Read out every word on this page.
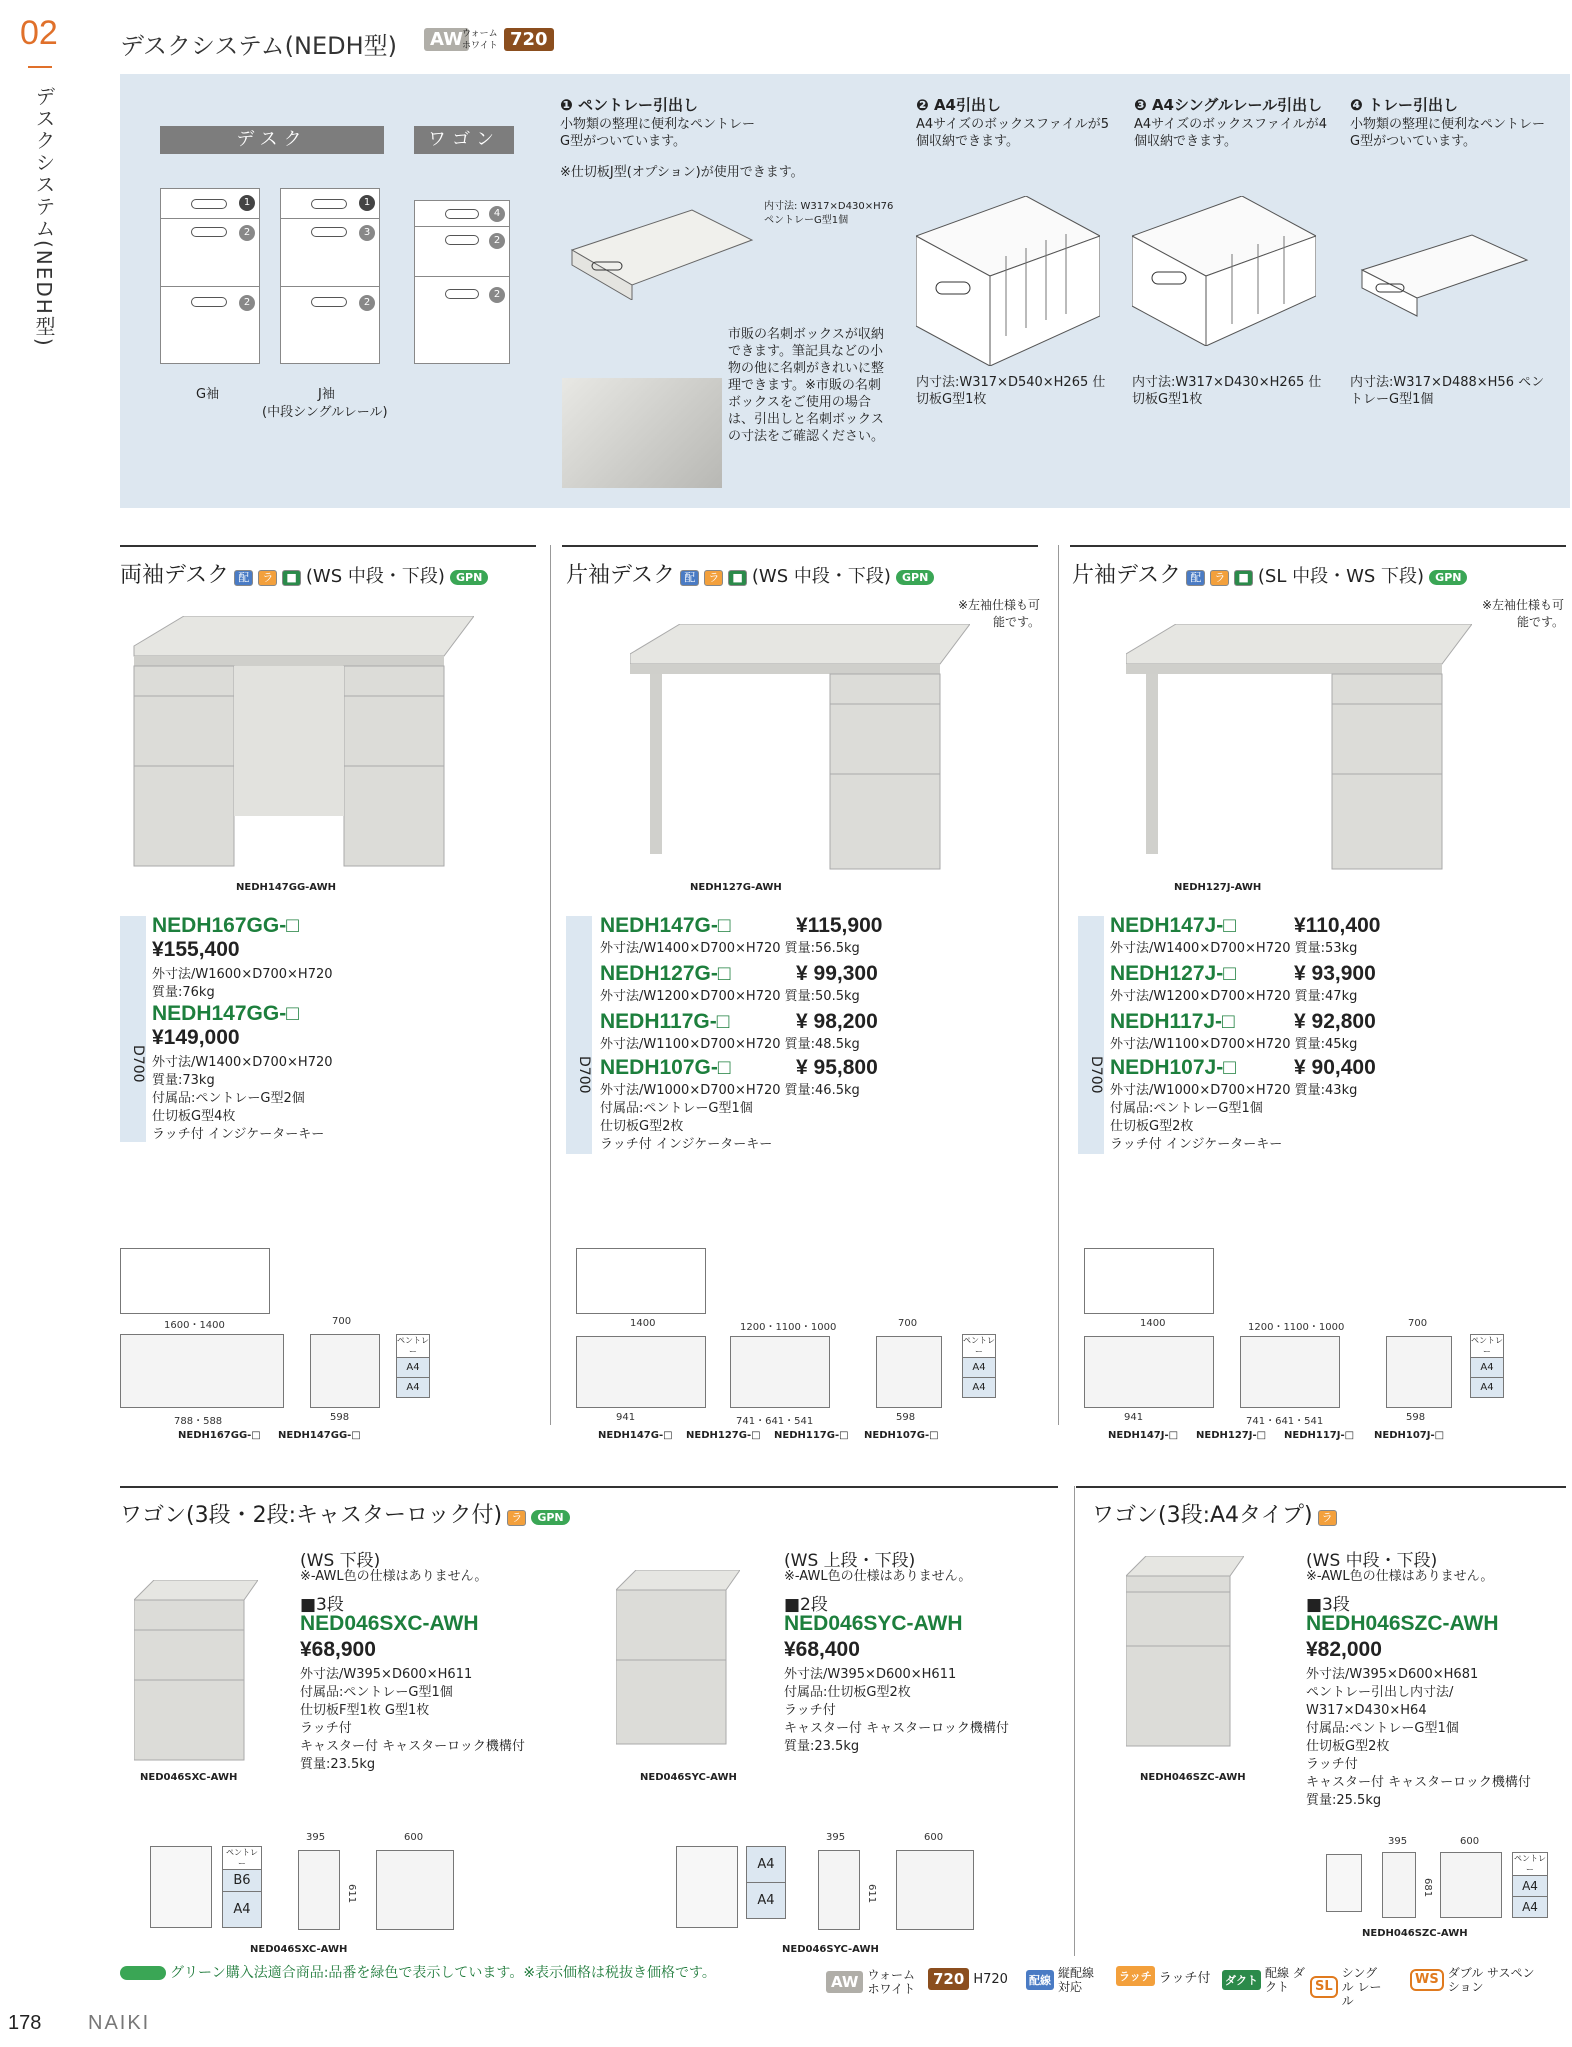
02
デスクシステム(NEDH型)
デスクシステム(NEDH型)	AW ウォーム ホワイト 720
デスク	ワゴン
1
2
2
1
3
2
4
2
2
G袖	J袖
(中段シングルレール)
❶ ペントレー引出し
小物類の整理に便利なペントレーG型がついています。
※仕切板J型(オプション)が使用できます。
内寸法: W317×D430×H76 ペントレーG型1個
市販の名刺ボックスが収納できます。筆記具などの小物の他に名刺がきれいに整理できます。※市販の名刺ボックスをご使用の場合は、引出しと名刺ボックスの寸法をご確認ください。
❷ A4引出し
A4サイズのボックスファイルが5個収納できます。
内寸法:W317×D540×H265 仕切板G型1枚
❸ A4シングルレール引出し
A4サイズのボックスファイルが4個収納できます。
内寸法:W317×D430×H265 仕切板G型1枚
❹ トレー引出し
小物類の整理に便利なペントレーG型がついています。
内寸法:W317×D488×H56 ペントレーG型1個
両袖デスク 配 ラ ■ (WS 中段・下段) GPN
NEDH147GG-AWH
D700
NEDH167GG-□
¥155,400
外寸法/W1600×D700×H720
質量:76kg
NEDH147GG-□
¥149,000
外寸法/W1400×D700×H720
質量:73kg
付属品:ペントレーG型2個
仕切板G型4枚
ラッチ付 インジケーターキー
1600・1400
788・588
700
598
ペントレー
A4
A4
NEDH167GG-□ NEDH147GG-□
片袖デスク 配 ラ ■ (WS 中段・下段) GPN
※左袖仕様も可能です。
NEDH127G-AWH
D700
NEDH147G-□	¥115,900
外寸法/W1400×D700×H720 質量:56.5kg
NEDH127G-□	¥ 99,300
外寸法/W1200×D700×H720 質量:50.5kg
NEDH117G-□	¥ 98,200
外寸法/W1100×D700×H720 質量:48.5kg
NEDH107G-□	¥ 95,800
外寸法/W1000×D700×H720 質量:46.5kg
付属品:ペントレーG型1個
仕切板G型2枚
ラッチ付 インジケーターキー
1400	1200・1100・1000
941	741・641・541
700
598
ペントレー
A4
A4
NEDH147G-□ NEDH127G-□ NEDH117G-□ NEDH107G-□
片袖デスク 配 ラ ■ (SL 中段・WS 下段) GPN
※左袖仕様も可能です。
NEDH127J-AWH
D700
NEDH147J-□	¥110,400
外寸法/W1400×D700×H720 質量:53kg
NEDH127J-□	¥ 93,900
外寸法/W1200×D700×H720 質量:47kg
NEDH117J-□	¥ 92,800
外寸法/W1100×D700×H720 質量:45kg
NEDH107J-□	¥ 90,400
外寸法/W1000×D700×H720 質量:43kg
付属品:ペントレーG型1個
仕切板G型2枚
ラッチ付 インジケーターキー
1400	1200・1100・1000
941	741・641・541
700
598
ペントレー
A4
A4
NEDH147J-□ NEDH127J-□ NEDH117J-□ NEDH107J-□
ワゴン(3段・2段:キャスターロック付) ラ GPN	ワゴン(3段:A4タイプ) ラ
NED046SXC-AWH
(WS 下段)
※-AWL色の仕様はありません。
■3段
NED046SXC-AWH
¥68,900
外寸法/W395×D600×H611
付属品:ペントレーG型1個
仕切板F型1枚 G型1枚
ラッチ付
キャスター付 キャスターロック機構付
質量:23.5kg
ペントレー
B6
A4
395	600
611
NED046SXC-AWH
NED046SYC-AWH
(WS 上段・下段)
※-AWL色の仕様はありません。
■2段
NED046SYC-AWH
¥68,400
外寸法/W395×D600×H611
付属品:仕切板G型2枚
ラッチ付
キャスター付 キャスターロック機構付
質量:23.5kg
A4
A4
395	600
611
NED046SYC-AWH
NEDH046SZC-AWH
(WS 中段・下段)
※-AWL色の仕様はありません。
■3段
NEDH046SZC-AWH
¥82,000
外寸法/W395×D600×H681
ペントレー引出し内寸法/
W317×D430×H64
付属品:ペントレーG型1個
仕切板G型2枚
ラッチ付
キャスター付 キャスターロック機構付
質量:25.5kg
395	600
681
ペントレー
A4
A4
NEDH046SZC-AWH
グリーン購入法適合商品:品番を緑色で表示しています。※表示価格は税抜き価格です。	AW ウォーム ホワイト
720 H720 配線
縦配線 対応
ラッチ ラッチ付 ダクト
配線 ダクト	SL
シングル レール
WS ダブル サスペンション
178 NAIKI
